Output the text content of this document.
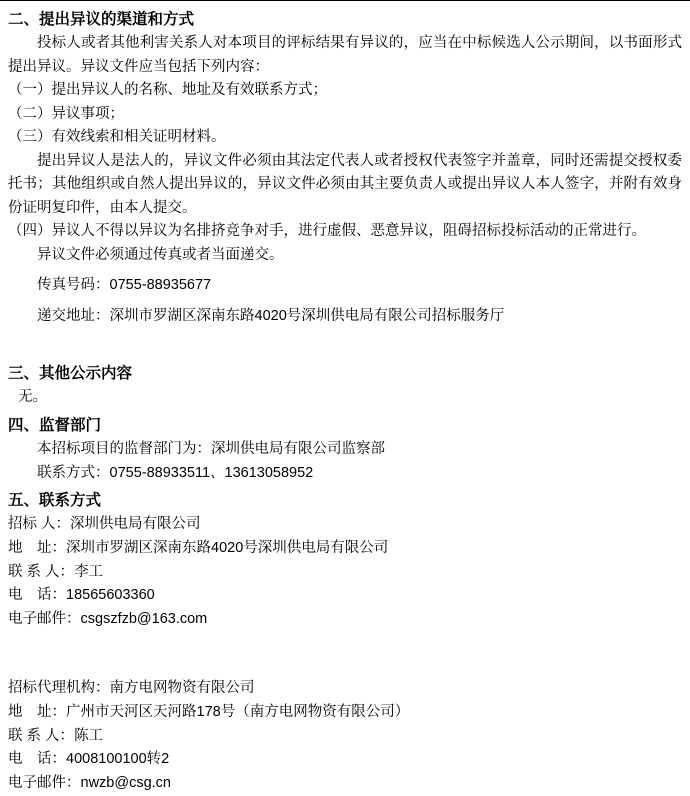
二、提出异议的渠道和方式
投标人或者其他利害关系人对本项目的评标结果有异议的，应当在中标候选人公示期间，以书面形式提出异议。异议文件应当包括下列内容：
（一）提出异议人的名称、地址及有效联系方式；
（二）异议事项；
（三）有效线索和相关证明材料。
提出异议人是法人的，异议文件必须由其法定代表人或者授权代表签字并盖章，同时还需提交授权委托书；其他组织或自然人提出异议的，异议文件必须由其主要负责人或提出异议人本人签字，并附有效身份证明复印件，由本人提交。
（四）异议人不得以异议为名排挤竞争对手，进行虚假、恶意异议，阻碍招标投标活动的正常进行。
异议文件必须通过传真或者当面递交。
传真号码：0755-88935677
递交地址：深圳市罗湖区深南东路4020号深圳供电局有限公司招标服务厅
三、其他公示内容
无。
四、监督部门
本招标项目的监督部门为：深圳供电局有限公司监察部
联系方式：0755-88933511、13613058952
五、联系方式
招标 人：深圳供电局有限公司
地　址：深圳市罗湖区深南东路4020号深圳供电局有限公司
联 系 人：李工
电　话：18565603360
电子邮件：csgszfzb@163.com
招标代理机构：南方电网物资有限公司
地　址：广州市天河区天河路178号（南方电网物资有限公司）
联 系 人：陈工
电　话：4008100100转2
电子邮件：nwzb@csg.cn
